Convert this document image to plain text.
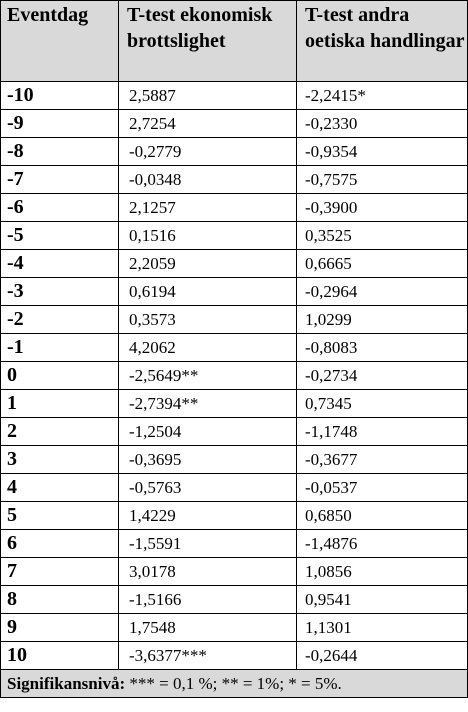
Eventdag	T-test ekonomisk brottslighet	T-test andra oetiska handlingar
-10	2,5887	-2,2415*
-9	2,7254	-0,2330
-8	-0,2779	-0,9354
-7	-0,0348	-0,7575
-6	2,1257	-0,3900
-5	0,1516	0,3525
-4	2,2059	0,6665
-3	0,6194	-0,2964
-2	0,3573	1,0299
-1	4,2062	-0,8083
0	-2,5649**	-0,2734
1	-2,7394**	0,7345
2	-1,2504	-1,1748
3	-0,3695	-0,3677
4	-0,5763	-0,0537
5	1,4229	0,6850
6	-1,5591	-1,4876
7	3,0178	1,0856
8	-1,5166	0,9541
9	1,7548	1,1301
10	-3,6377***	-0,2644
Signifikansnivå: *** = 0,1 %; ** = 1%; * = 5%.		
